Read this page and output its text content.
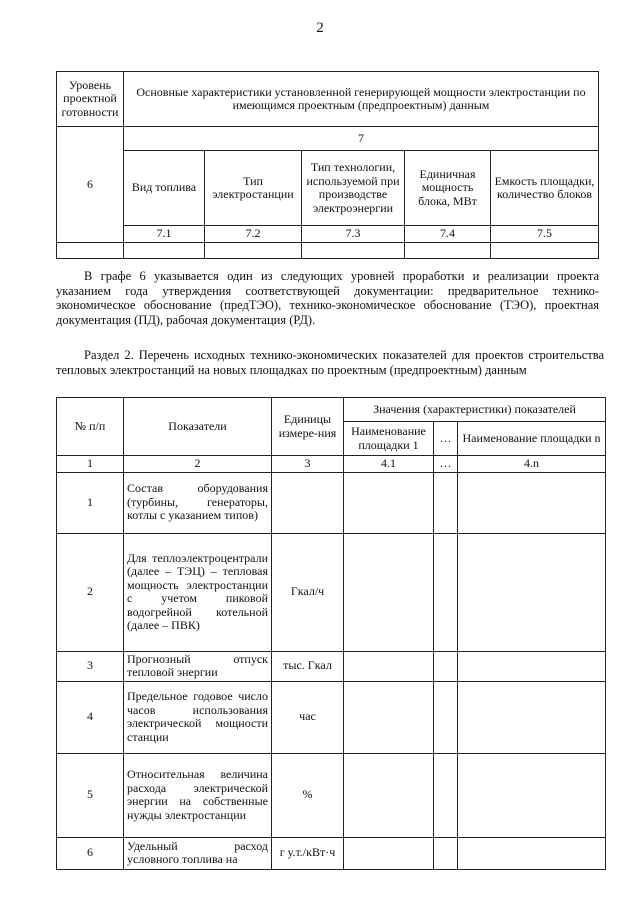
2
Уровень проектной готовности	Основные характеристики установленной генерирующей мощности электростанции по имеющимся проектным (предпроектным) данным				
6	7				
	Вид топлива	Тип электростанции	Тип технологии, используемой при производстве электроэнергии	Единичная мощность блока, МВт	Емкость площадки, количество блоков
	7.1	7.2	7.3	7.4	7.5

В графе 6 указывается один из следующих уровней проработки и реализации проекта указанием года утверждения соответствующей документации: предварительное технико-экономическое обоснование (предТЭО), технико-экономическое обоснование (ТЭО), проектная документация (ПД), рабочая документация (РД).
Раздел 2. Перечень исходных технико-экономических показателей для проектов строительства тепловых электростанций на новых площадках по проектным (предпроектным) данным
№ п/п	Показатели	Единицы измере-ния	Значения (характеристики) показателей		
			Наименование площадки 1	…	Наименование площадки n
1	2	3	4.1	…	4.n
1	Состав оборудования (турбины, генераторы, котлы с указанием типов)				
2	Для теплоэлектроцентрали (далее – ТЭЦ) – тепловая мощность электростанции с учетом пиковой водогрейной котельной (далее – ПВК)	Гкал/ч			
3	Прогнозный отпуск тепловой энергии	тыс. Гкал			
4	Предельное годовое число часов использования электрической мощности станции	час			
5	Относительная величина расхода электрической энергии на собственные нужды электростанции	%			
6	Удельный расход условного топлива на	г у.т./кВт·ч			
